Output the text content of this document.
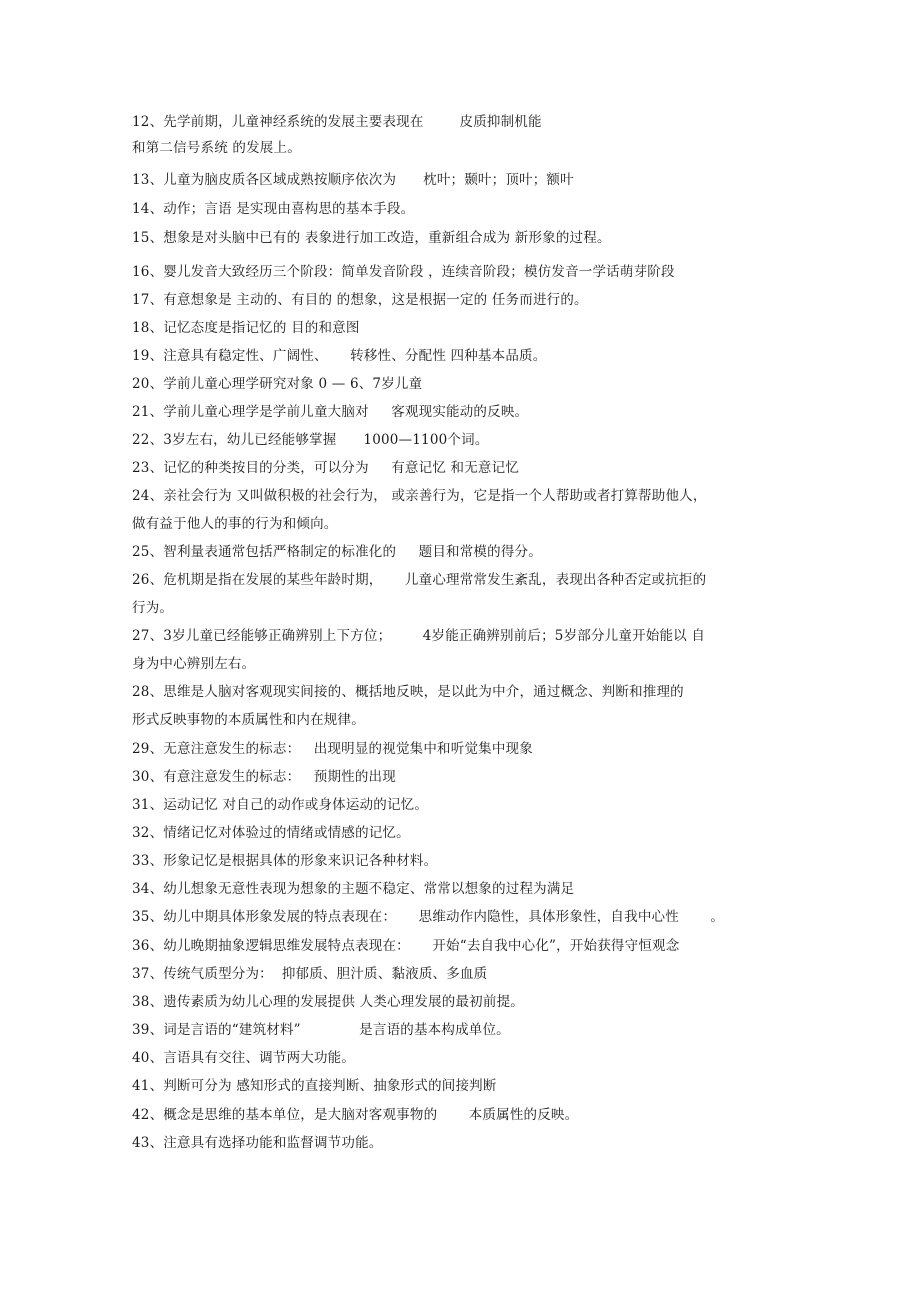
12、先学前期，儿童神经系统的发展主要表现在        皮质抑制机能
和第二信号系统 的发展上。
13、儿童为脑皮质各区域成熟按顺序依次为      枕叶；颞叶；顶叶；额叶
14、动作；言语 是实现由喜构思的基本手段。
15、想象是对头脑中已有的 表象进行加工改造，重新组合成为 新形象的过程。
16、婴儿发音大致经历三个阶段：简单发音阶段 ，连续音阶段；模仿发音一学话萌芽阶段
17、有意想象是 主动的、有目的 的想象，这是根据一定的 任务而进行的。
18、记忆态度是指记忆的 目的和意图
19、注意具有稳定性、广阔性、     转移性、分配性 四种基本品质。
20、学前儿童心理学研究对象 0 — 6、7岁儿童
21、学前儿童心理学是学前儿童大脑对     客观现实能动的反映。
22、3岁左右，幼儿已经能够掌握      1000—1100个词。
23、记忆的种类按目的分类，可以分为     有意记忆 和无意记忆
24、亲社会行为 又叫做积极的社会行为， 或亲善行为，它是指一个人帮助或者打算帮助他人，
做有益于他人的事的行为和倾向。
25、智利量表通常包括严格制定的标准化的     题目和常模的得分。
26、危机期是指在发展的某些年龄时期，     儿童心理常常发生紊乱，表现出各种否定或抗拒的
行为。
27、3岁儿童已经能够正确辨别上下方位；       4岁能正确辨别前后；5岁部分儿童开始能以 自
身为中心辨别左右。
28、思维是人脑对客观现实间接的、概括地反映，是以此为中介，通过概念、判断和推理的
形式反映事物的本质属性和内在规律。
29、无意注意发生的标志：   出现明显的视觉集中和听觉集中现象
30、有意注意发生的标志：   预期性的出现
31、运动记忆 对自己的动作或身体运动的记忆。
32、情绪记忆对体验过的情绪或情感的记忆。
33、形象记忆是根据具体的形象来识记各种材料。
34、幼儿想象无意性表现为想象的主题不稳定、常常以想象的过程为满足
35、幼儿中期具体形象发展的特点表现在：     思维动作内隐性，具体形象性，自我中心性       。
36、幼儿晚期抽象逻辑思维发展特点表现在：     开始“去自我中心化”，开始获得守恒观念
37、传统气质型分为：  抑郁质、胆汁质、黏液质、多血质
38、遗传素质为幼儿心理的发展提供 人类心理发展的最初前提。
39、词是言语的“建筑材料”             是言语的基本构成单位。
40、言语具有交往、调节两大功能。
41、判断可分为 感知形式的直接判断、抽象形式的间接判断
42、概念是思维的基本单位，是大脑对客观事物的       本质属性的反映。
43、注意具有选择功能和监督调节功能。
